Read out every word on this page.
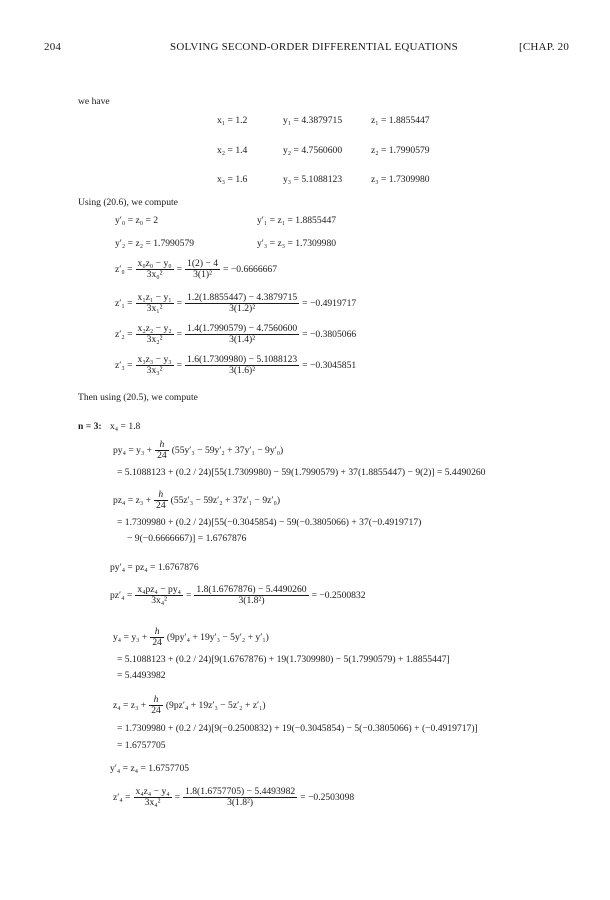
204	SOLVING SECOND-ORDER DIFFERENTIAL EQUATIONS	[CHAP. 20
we have
x₁ = 1.2	y₁ = 4.3879715	z₁ = 1.8855447
x₂ = 1.4	y₂ = 4.7560600	z₂ = 1.7990579
x₃ = 1.6	y₃ = 5.1088123	z₃ = 1.7309980
Using (20.6), we compute
y′₀ = z₀ = 2	y′₁ = z₁ = 1.8855447
y′₂ = z₂ = 1.7990579	y′₃ = z₃ = 1.7309980
$z'_0 = \frac{\text{x₀z₀ − y₀}}{\text{3x₀²}} = \frac{1(2) - 4}{\text{3(1)²}} = -0.6666667$
$z'_1 = \frac{\text{x₁z₁ − y₁}}{\text{3x₁²}} = \frac{1.2(1.8855447) - 4.3879715}{\text{3(1.2)²}} = -0.4919717$
$z'_2 = \frac{\text{x₂z₂ − y₂}}{\text{3x₂²}} = \frac{1.4(1.7990579) - 4.7560600}{\text{3(1.4)²}} = -0.3805066$
$z'_3 = \frac{\text{x₃z₃ − y₃}}{\text{3x₃²}} = \frac{1.6(1.7309980) - 5.1088123}{\text{3(1.6)²}} = -0.3045851$
Then using (20.5), we compute
n = 3: x₄ = 1.8
$py_4 = y_3 + \frac{h}{24} (55y'_3 - 59y'_2 + 37y'_1 - 9y'_0)$
= 5.1088123 + (0.2 / 24)[55(1.7309980) − 59(1.7990579) + 37(1.8855447) − 9(2)] = 5.4490260
$pz_4 = z_3 + \frac{h}{24} (55z'_3 - 59z'_2 + 37z'_1 - 9z'_0)$
= 1.7309980 + (0.2 / 24)[55(−0.3045854) − 59(−0.3805066) + 37(−0.4919717)
− 9(−0.6666667)] = 1.6767876
py′₄ = pz₄ = 1.6767876
$pz'_4 = \frac{\text{x₄pz₄ − py₄}}{\text{3x₄²}} = \frac{1.8(1.6767876) - 5.4490260}{\text{3(1.8²)}} = -0.2500832$
$y_4 = y_3 + \frac{h}{24} (9py'_4 + 19y'_3 - 5y'_2 + y'_1)$
= 5.1088123 + (0.2 / 24)[9(1.6767876) + 19(1.7309980) − 5(1.7990579) + 1.8855447]
= 5.4493982
$z_4 = z_3 + \frac{h}{24} (9pz'_4 + 19z'_3 - 5z'_2 + z'_1)$
= 1.7309980 + (0.2 / 24)[9(−0.2500832) + 19(−0.3045854) − 5(−0.3805066) + (−0.4919717)]
= 1.6757705
y′₄ = z₄ = 1.6757705
$z'_4 = \frac{\text{x₄z₄ − y₄}}{\text{3x₄²}} = \frac{1.8(1.6757705) - 5.4493982}{\text{3(1.8²)}} = -0.2503098$
